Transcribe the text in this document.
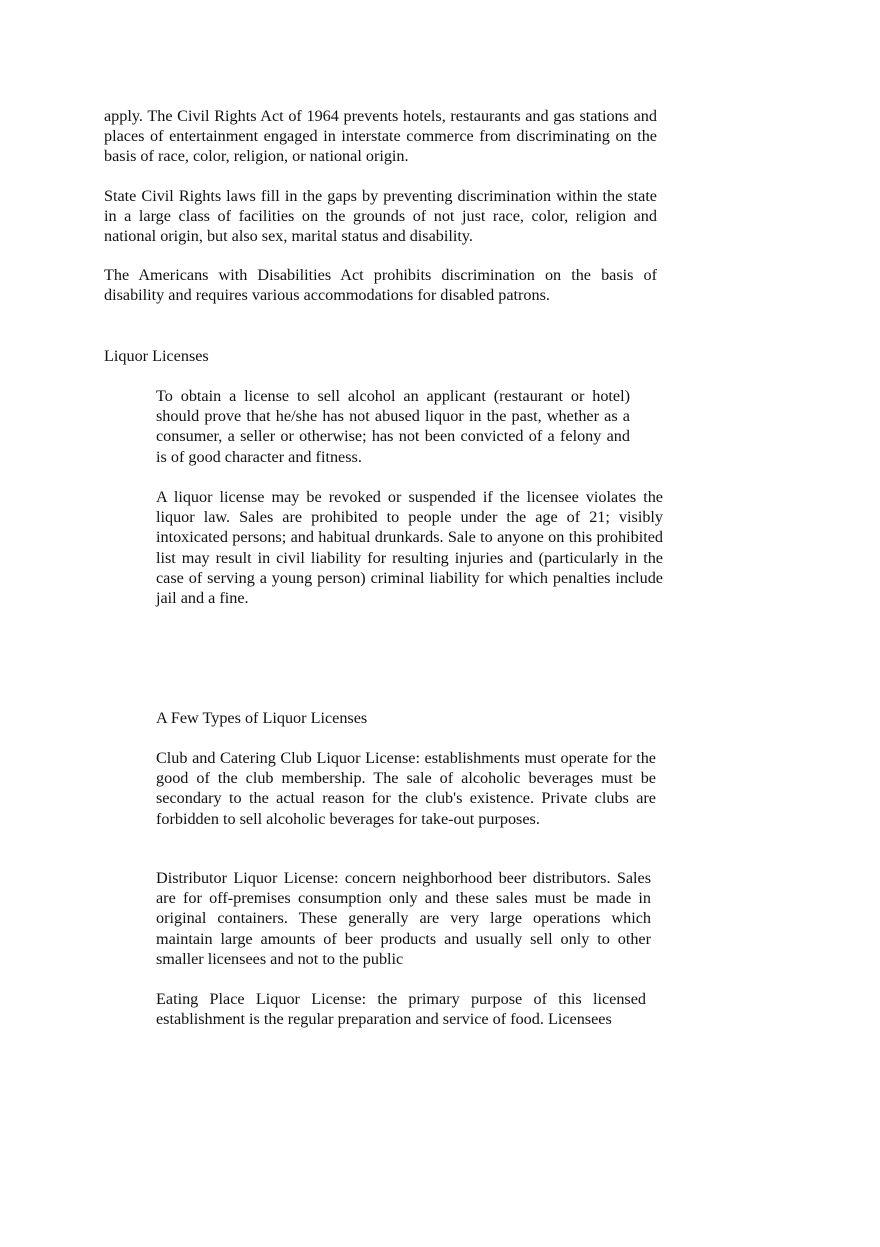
apply. The Civil Rights Act of 1964 prevents hotels, restaurants and gas stations and places of entertainment engaged in interstate commerce from discriminating on the basis of race, color, religion, or national origin.

State Civil Rights laws fill in the gaps by preventing discrimination within the state in a large class of facilities on the grounds of not just race, color, religion and national origin, but also sex, marital status and disability.

The Americans with Disabilities Act prohibits discrimination on the basis of disability and requires various accommodations for disabled patrons.

Liquor Licenses

To obtain a license to sell alcohol an applicant (restaurant or hotel) should prove that he/she has not abused liquor in the past, whether as a consumer, a seller or otherwise; has not been convicted of a felony and is of good character and fitness.

A liquor license may be revoked or suspended if the licensee violates the liquor law. Sales are prohibited to people under the age of 21; visibly intoxicated persons; and habitual drunkards. Sale to anyone on this prohibited list may result in civil liability for resulting injuries and (particularly in the case of serving a young person) criminal liability for which penalties include jail and a fine.

A Few Types of Liquor Licenses

Club and Catering Club Liquor License: establishments must operate for the good of the club membership. The sale of alcoholic beverages must be secondary to the actual reason for the club's existence. Private clubs are forbidden to sell alcoholic beverages for take-out purposes.

Distributor Liquor License: concern neighborhood beer distributors. Sales are for off-premises consumption only and these sales must be made in original containers. These generally are very large operations which maintain large amounts of beer products and usually sell only to other smaller licensees and not to the public

Eating Place Liquor License: the primary purpose of this licensed establishment is the regular preparation and service of food. Licensees
